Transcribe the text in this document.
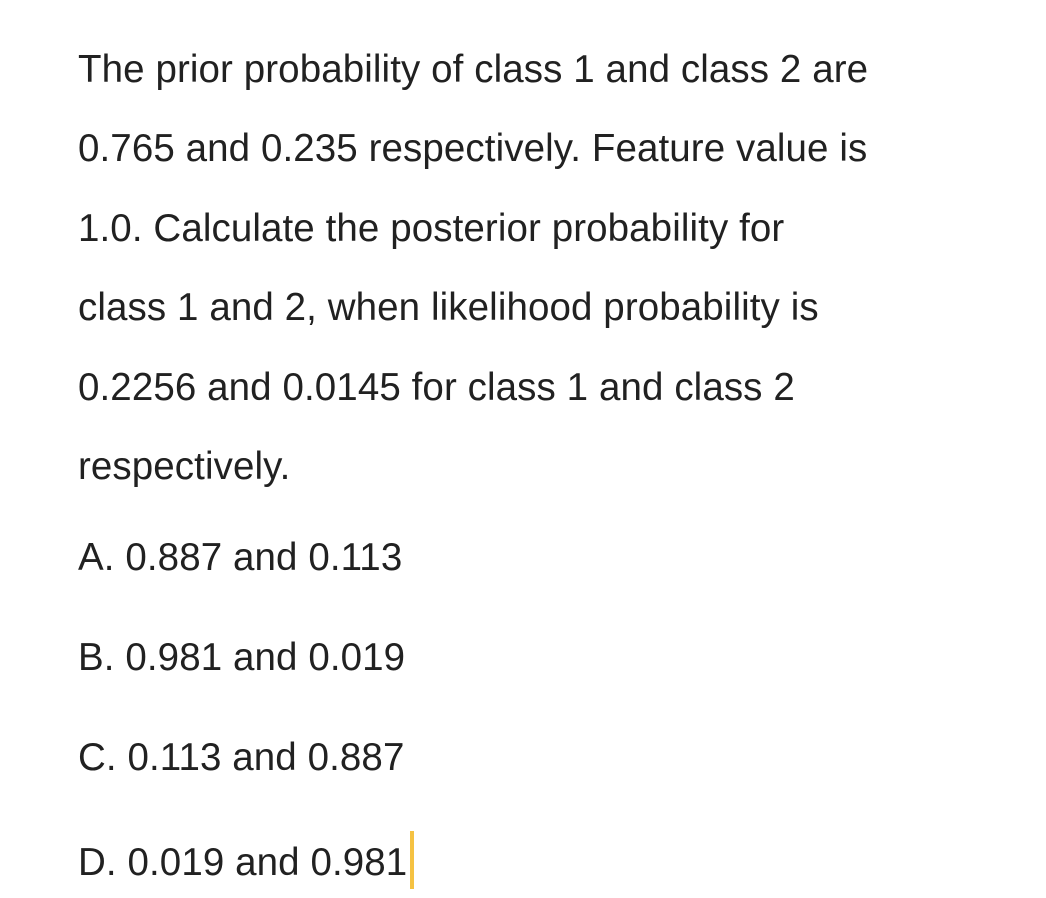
The prior probability of class 1 and class 2 are
0.765 and 0.235 respectively. Feature value is
1.0. Calculate the posterior probability for
class 1 and 2, when likelihood probability is
0.2256 and 0.0145 for class 1 and class 2
respectively.
A. 0.887 and 0.113
B. 0.981 and 0.019
C. 0.113 and 0.887
D. 0.019 and 0.981
